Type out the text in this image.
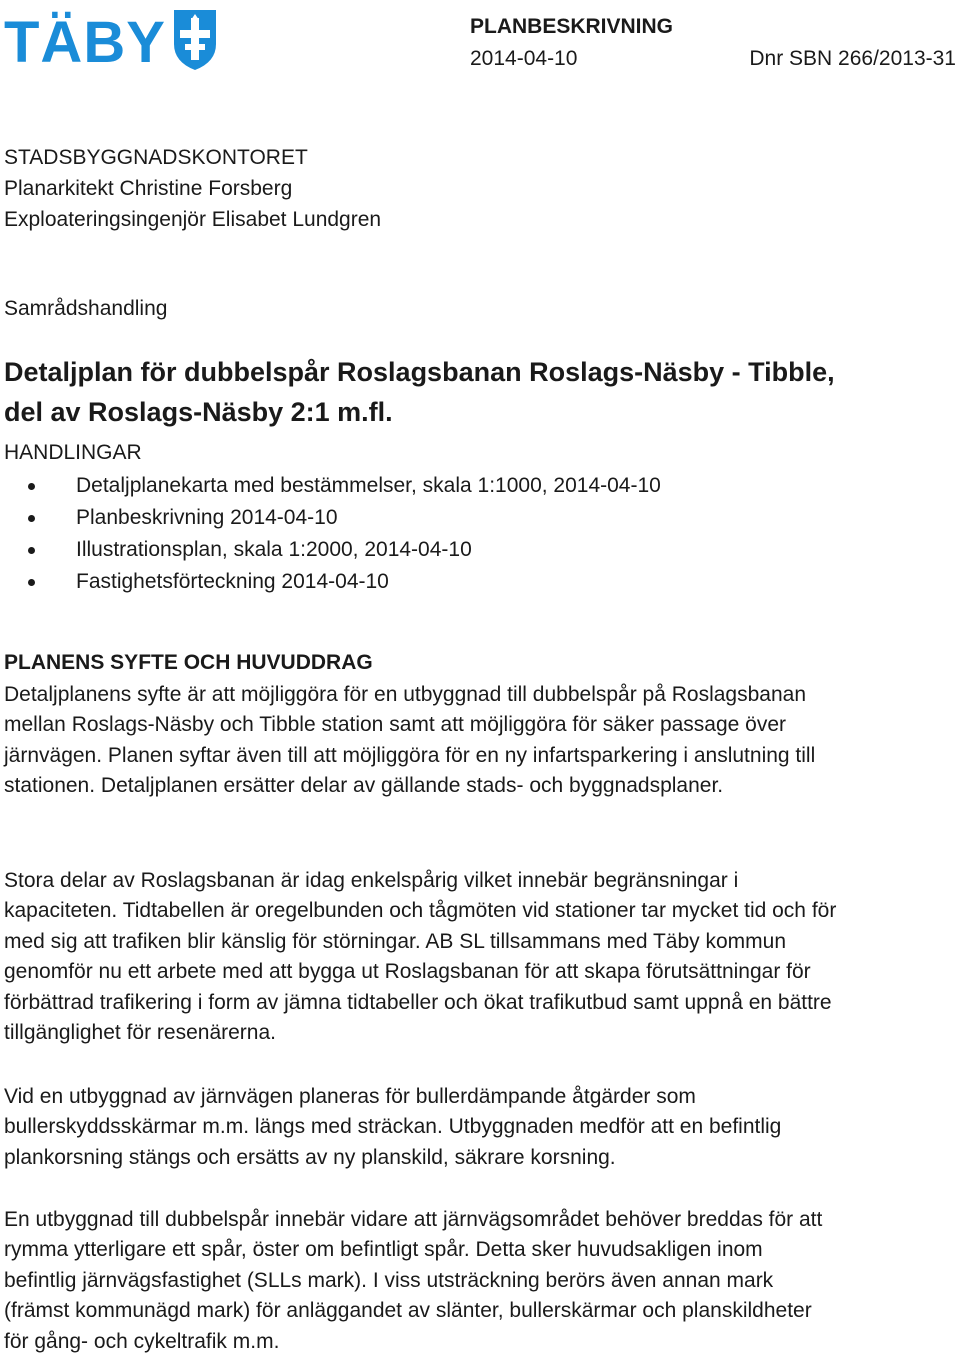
TÄBY	PLANBESKRIVNING
2014-04-10	Dnr SBN 266/2013-31
STADSBYGGNADSKONTORET
Planarkitekt Christine Forsberg
Exploateringsingenjör Elisabet Lundgren
Samrådshandling
Detaljplan för dubbelspår Roslagsbanan Roslags-Näsby - Tibble, del av Roslags-Näsby 2:1 m.fl.
HANDLINGAR
Detaljplanekarta med bestämmelser, skala 1:1000, 2014-04-10
Planbeskrivning 2014-04-10
Illustrationsplan, skala 1:2000, 2014-04-10
Fastighetsförteckning 2014-04-10
PLANENS SYFTE OCH HUVUDDRAG

Detaljplanens syfte är att möjliggöra för en utbyggnad till dubbelspår på Roslagsbanan mellan Roslags-Näsby och Tibble station samt att möjliggöra för säker passage över järnvägen. Planen syftar även till att möjliggöra för en ny infartsparkering i anslutning till stationen. Detaljplanen ersätter delar av gällande stads- och byggnadsplaner.

Stora delar av Roslagsbanan är idag enkelspårig vilket innebär begränsningar i kapaciteten. Tidtabellen är oregelbunden och tågmöten vid stationer tar mycket tid och för med sig att trafiken blir känslig för störningar. AB SL tillsammans med Täby kommun genomför nu ett arbete med att bygga ut Roslagsbanan för att skapa förutsättningar för förbättrad trafikering i form av jämna tidtabeller och ökat trafikutbud samt uppnå en bättre tillgänglighet för resenärerna.

Vid en utbyggnad av järnvägen planeras för bullerdämpande åtgärder som bullerskyddsskärmar m.m. längs med sträckan. Utbyggnaden medför att en befintlig plankorsning stängs och ersätts av ny planskild, säkrare korsning.

En utbyggnad till dubbelspår innebär vidare att järnvägsområdet behöver breddas för att rymma ytterligare ett spår, öster om befintligt spår. Detta sker huvudsakligen inom befintlig järnvägsfastighet (SLLs mark). I viss utsträckning berörs även annan mark (främst kommunägd mark) för anläggandet av slänter, bullerskärmar och planskildheter för gång- och cykeltrafik m.m.
